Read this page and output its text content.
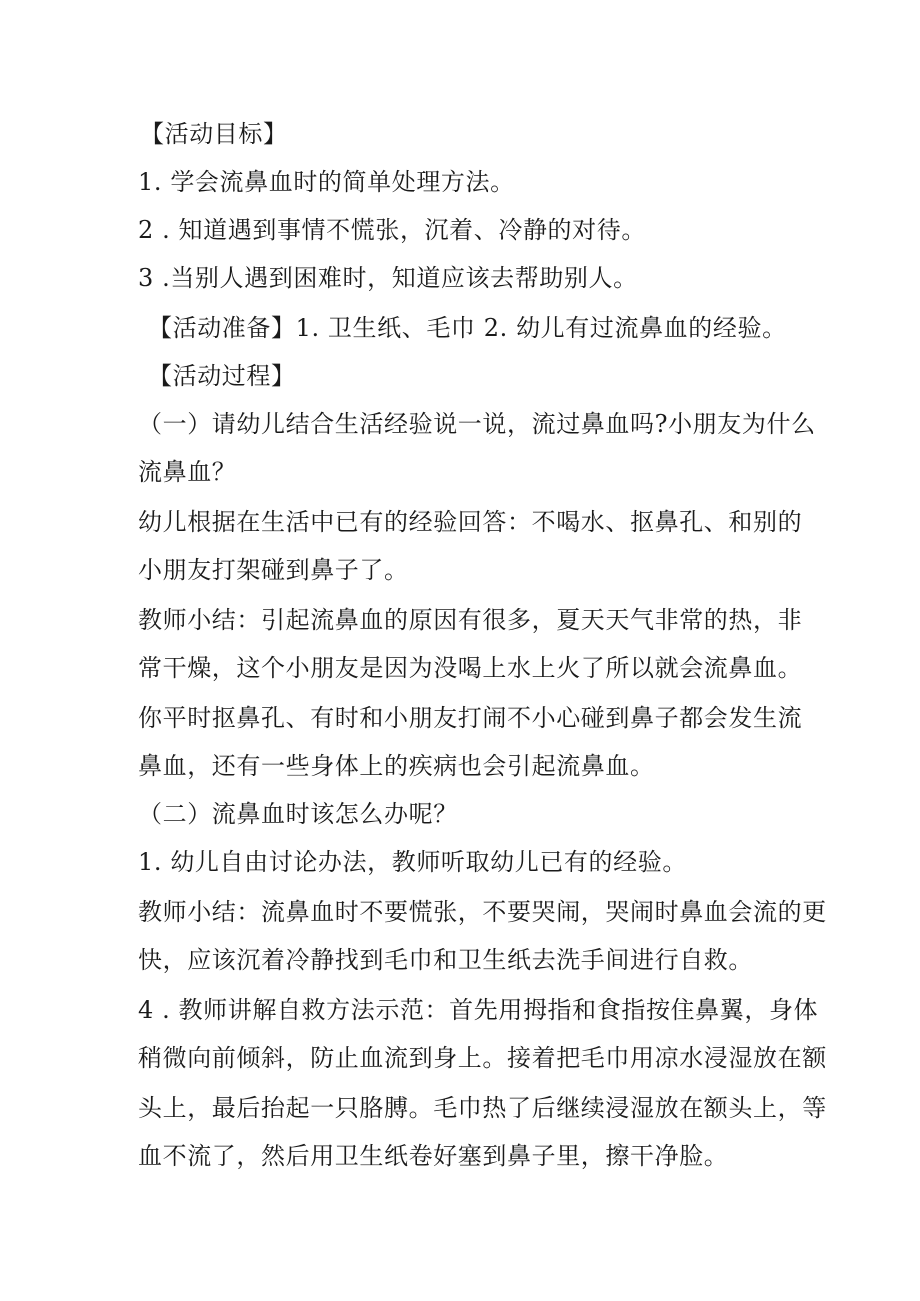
【活动目标】

1. 学会流鼻血时的简单处理方法。

2 . 知道遇到事情不慌张，沉着、冷静的对待。

3 .当别人遇到困难时，知道应该去帮助别人。

【活动准备】1. 卫生纸、毛巾 2. 幼儿有过流鼻血的经验。

【活动过程】

（一）请幼儿结合生活经验说一说，流过鼻血吗?小朋友为什么

流鼻血？

幼儿根据在生活中已有的经验回答：不喝水、抠鼻孔、和别的

小朋友打架碰到鼻子了。

教师小结：引起流鼻血的原因有很多，夏天天气非常的热，非

常干燥，这个小朋友是因为没喝上水上火了所以就会流鼻血。

你平时抠鼻孔、有时和小朋友打闹不小心碰到鼻子都会发生流

鼻血，还有一些身体上的疾病也会引起流鼻血。

（二）流鼻血时该怎么办呢？

1. 幼儿自由讨论办法，教师听取幼儿已有的经验。

教师小结：流鼻血时不要慌张，不要哭闹，哭闹时鼻血会流的更

快，应该沉着冷静找到毛巾和卫生纸去洗手间进行自救。

4 . 教师讲解自救方法示范：首先用拇指和食指按住鼻翼，身体

稍微向前倾斜，防止血流到身上。接着把毛巾用凉水浸湿放在额

头上，最后抬起一只胳膊。毛巾热了后继续浸湿放在额头上，等

血不流了，然后用卫生纸卷好塞到鼻子里，擦干净脸。
